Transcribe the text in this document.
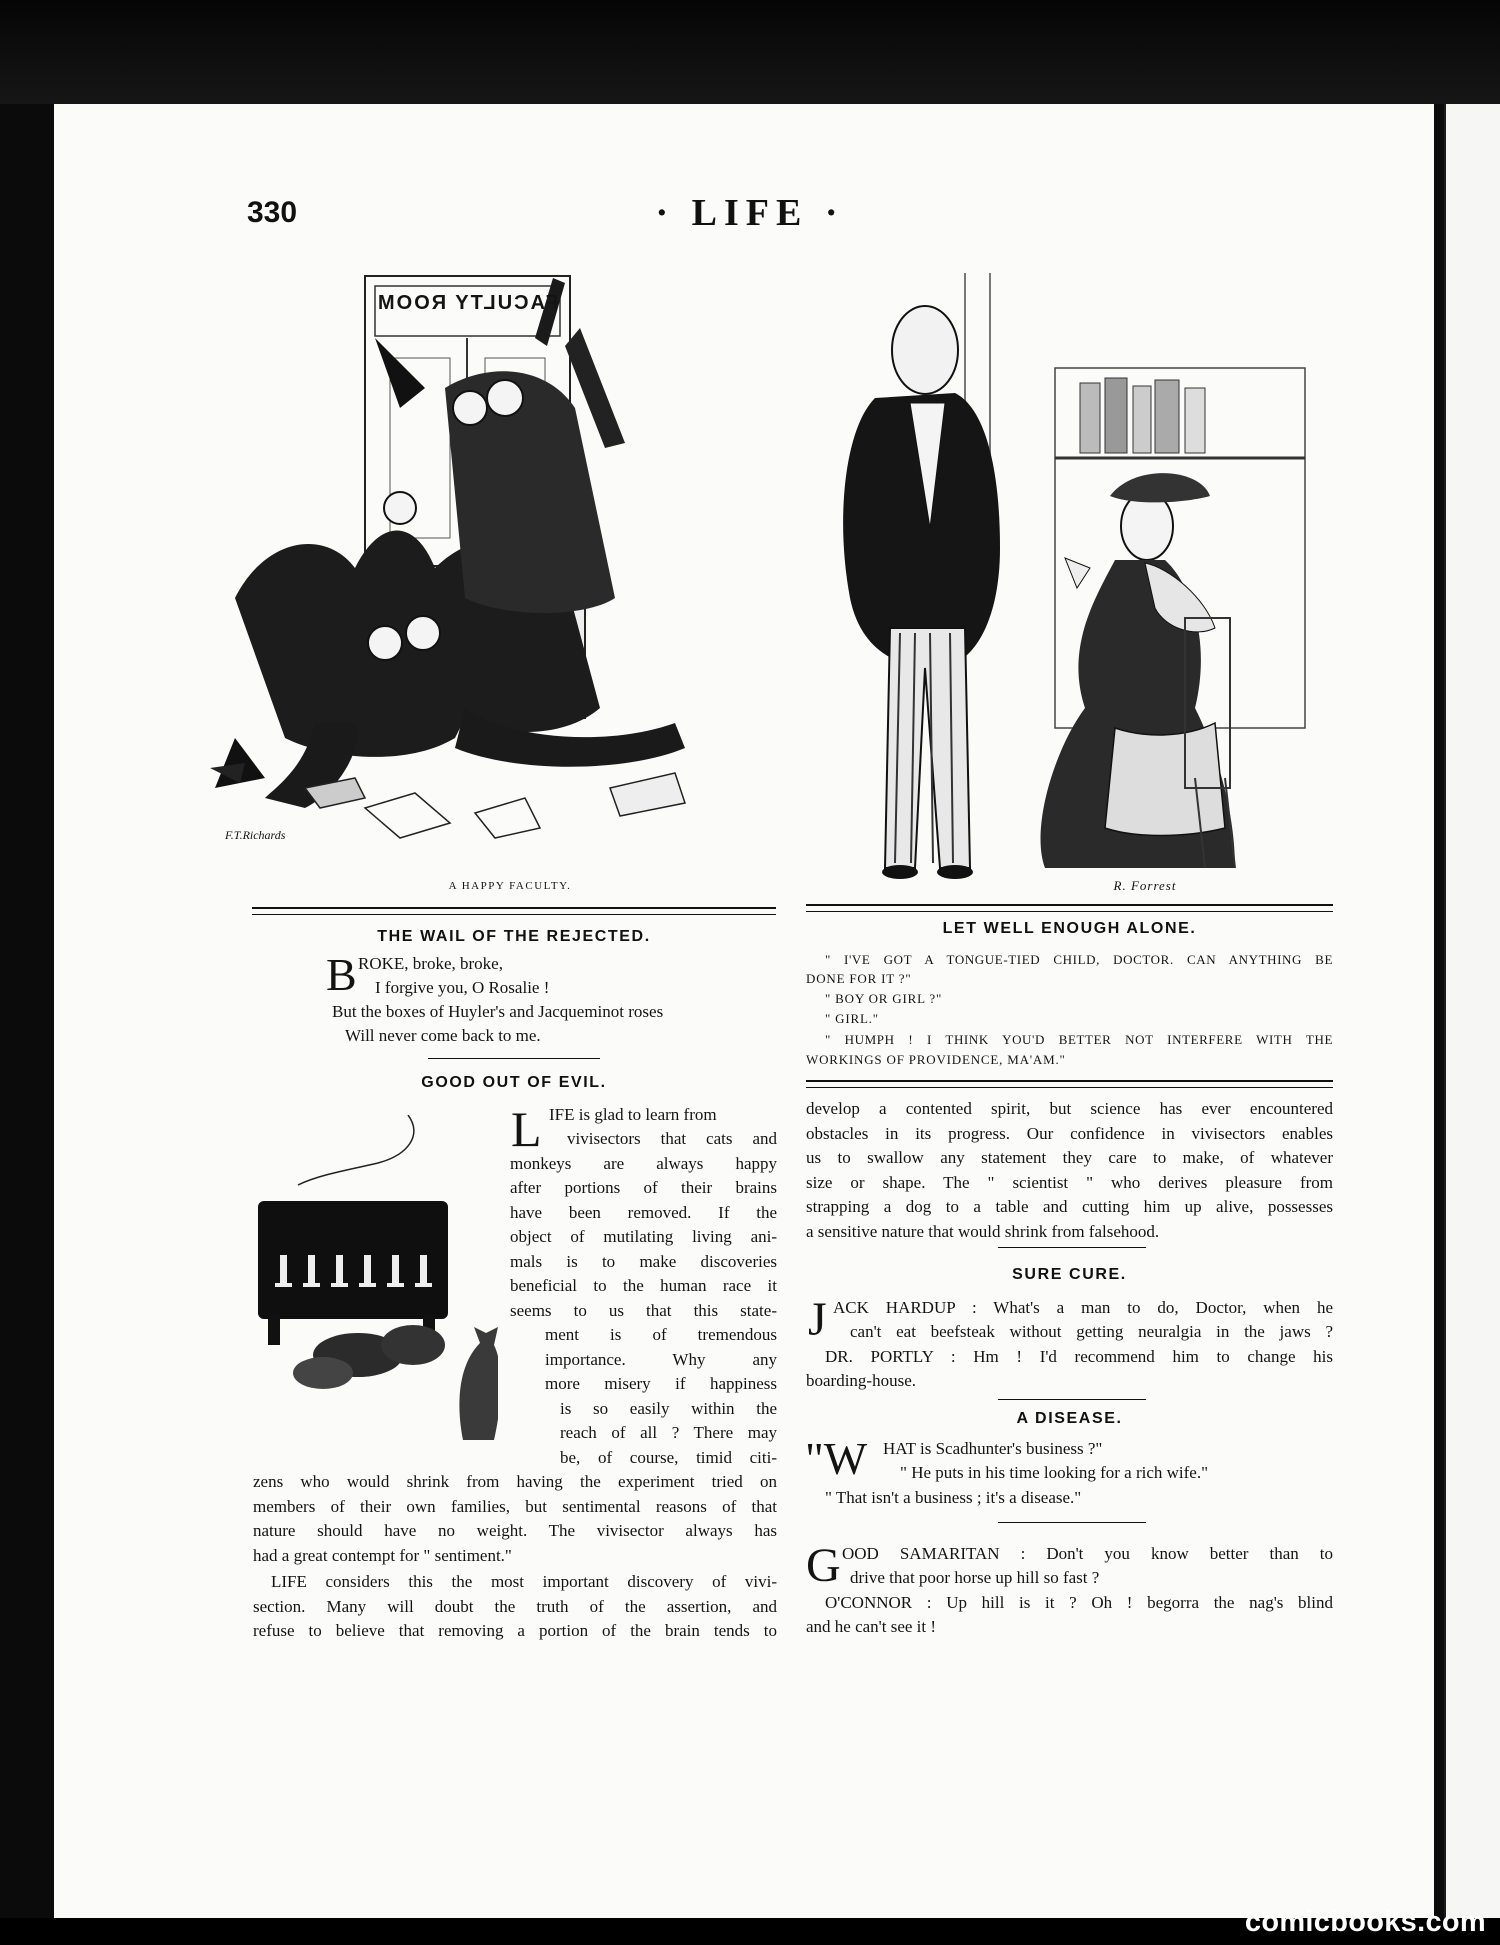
330	· LIFE ·
FACULTY ROOM
F.T.Richards
A HAPPY FACULTY.	R. Forrest
THE WAIL OF THE REJECTED.
B ROKE, broke, broke,
I forgive you, O Rosalie !
But the boxes of Huyler's and Jacqueminot roses
Will never come back to me.
GOOD OUT OF EVIL.
L IFE is glad to learn from
vivisectors that cats and
monkeys are always happy
after portions of their brains
have been removed. If the
object of mutilating living ani-
mals is to make discoveries
beneficial to the human race it
seems to us that this state-
ment is of tremendous
importance. Why any
more misery if happiness
is so easily within the
reach of all ? There may
be, of course, timid citi-
zens who would shrink from having the experiment tried on
members of their own families, but sentimental reasons of that
nature should have no weight. The vivisector always has
had a great contempt for " sentiment."
LIFE considers this the most important discovery of vivi-
section. Many will doubt the truth of the assertion, and
refuse to believe that removing a portion of the brain tends to
LET WELL ENOUGH ALONE.
" I'VE GOT A TONGUE-TIED CHILD, DOCTOR. CAN ANYTHING BE
DONE FOR IT ?"
" BOY OR GIRL ?"
" GIRL."
" HUMPH ! I THINK YOU'D BETTER NOT INTERFERE WITH THE
WORKINGS OF PROVIDENCE, MA'AM."
develop a contented spirit, but science has ever encountered
obstacles in its progress. Our confidence in vivisectors enables
us to swallow any statement they care to make, of whatever
size or shape. The " scientist " who derives pleasure from
strapping a dog to a table and cutting him up alive, possesses
a sensitive nature that would shrink from falsehood.
SURE CURE.
J ACK HARDUP : What's a man to do, Doctor, when he
can't eat beefsteak without getting neuralgia in the jaws ?
DR. PORTLY : Hm ! I'd recommend him to change his
boarding-house.
A DISEASE.
"W HAT is Scadhunter's business ?"
" He puts in his time looking for a rich wife."
" That isn't a business ; it's a disease."
G OOD SAMARITAN : Don't you know better than to
drive that poor horse up hill so fast ?
O'CONNOR : Up hill is it ? Oh ! begorra the nag's blind
and he can't see it !
comicbooks.com
